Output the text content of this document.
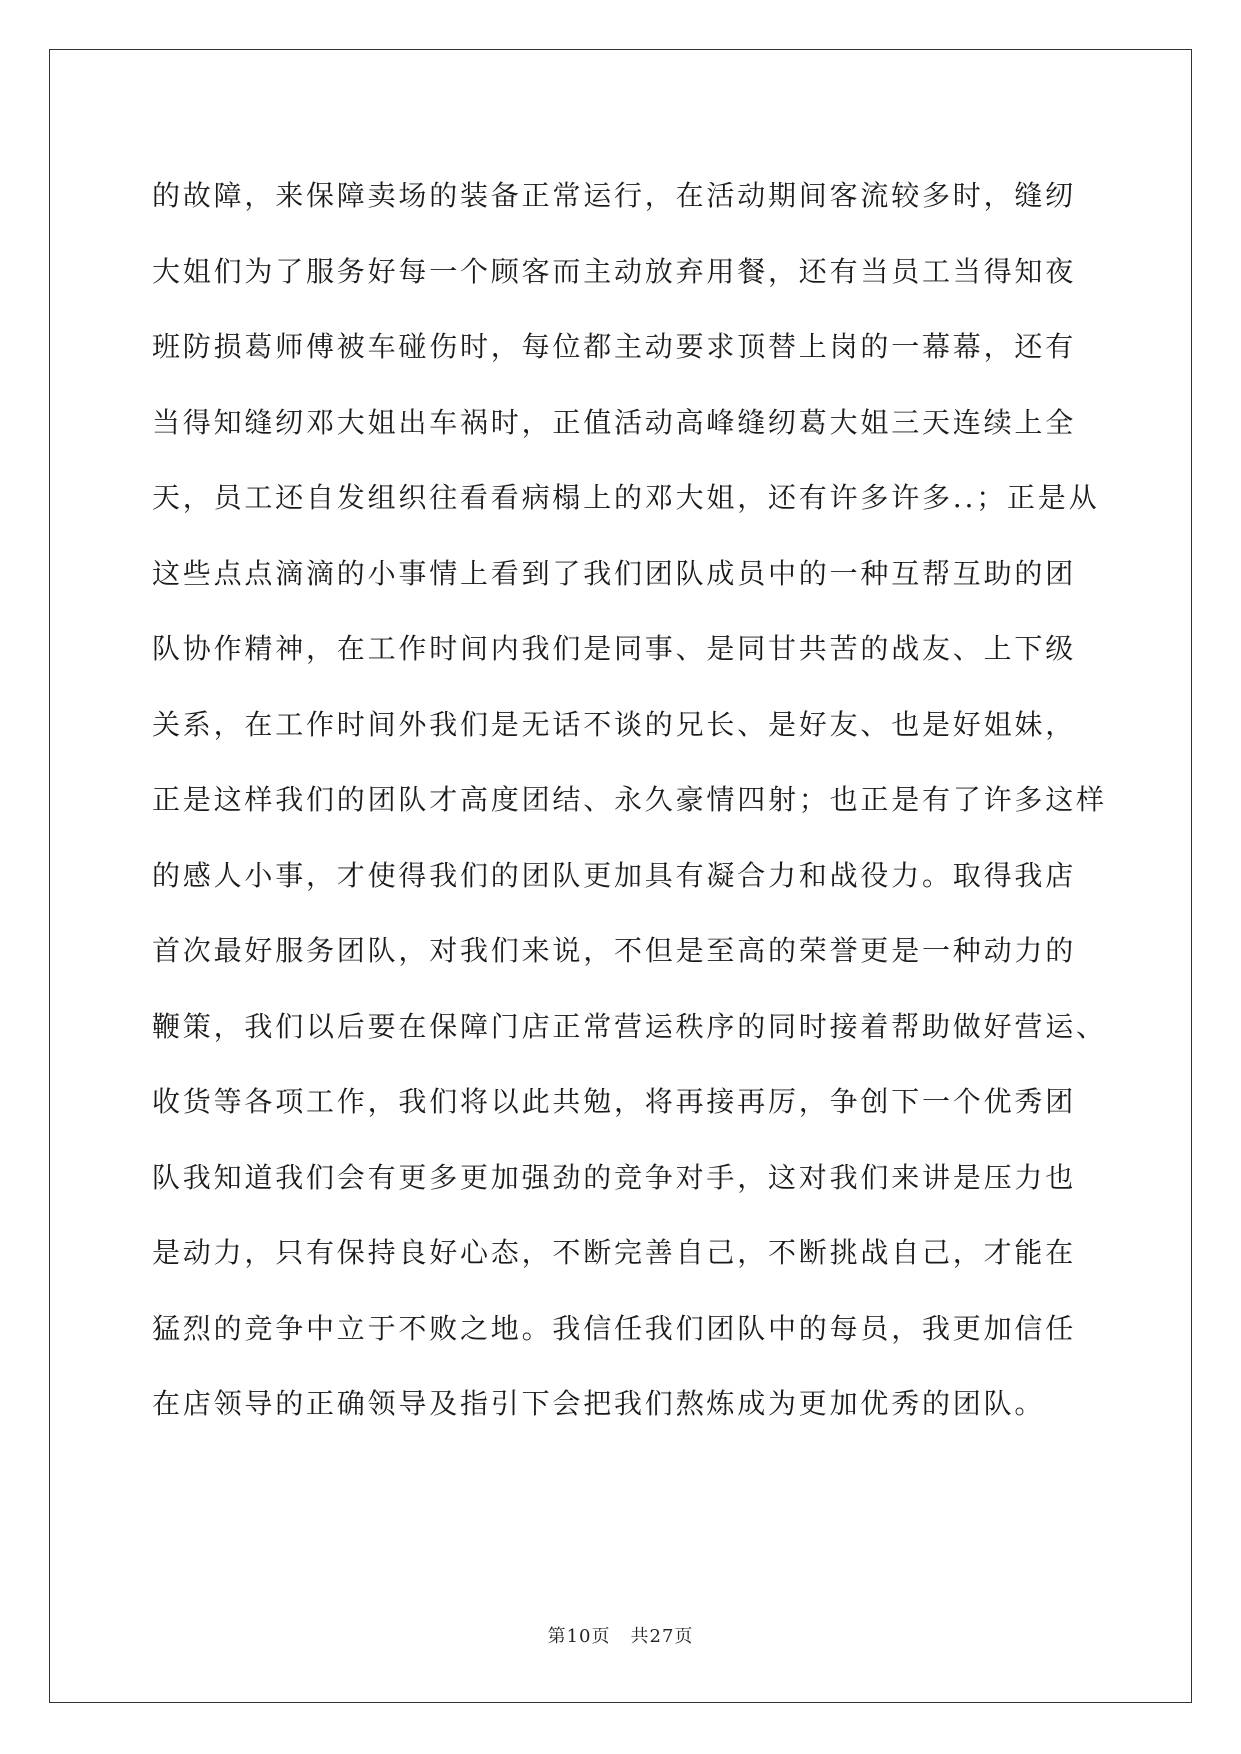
的故障，来保障卖场的装备正常运行，在活动期间客流较多时，缝纫
大姐们为了服务好每一个顾客而主动放弃用餐，还有当员工当得知夜
班防损葛师傅被车碰伤时，每位都主动要求顶替上岗的一幕幕，还有
当得知缝纫邓大姐出车祸时，正值活动高峰缝纫葛大姐三天连续上全
天，员工还自发组织往看看病榻上的邓大姐，还有许多许多..；正是从
这些点点滴滴的小事情上看到了我们团队成员中的一种互帮互助的团
队协作精神，在工作时间内我们是同事、是同甘共苦的战友、上下级
关系，在工作时间外我们是无话不谈的兄长、是好友、也是好姐妹，
正是这样我们的团队才高度团结、永久豪情四射；也正是有了许多这样
的感人小事，才使得我们的团队更加具有凝合力和战役力。取得我店
首次最好服务团队，对我们来说，不但是至高的荣誉更是一种动力的
鞭策，我们以后要在保障门店正常营运秩序的同时接着帮助做好营运、
收货等各项工作，我们将以此共勉，将再接再厉，争创下一个优秀团
队我知道我们会有更多更加强劲的竞争对手，这对我们来讲是压力也
是动力，只有保持良好心态，不断完善自己，不断挑战自己，才能在
猛烈的竞争中立于不败之地。我信任我们团队中的每员，我更加信任
在店领导的正确领导及指引下会把我们熬炼成为更加优秀的团队。
第10页 共27页
